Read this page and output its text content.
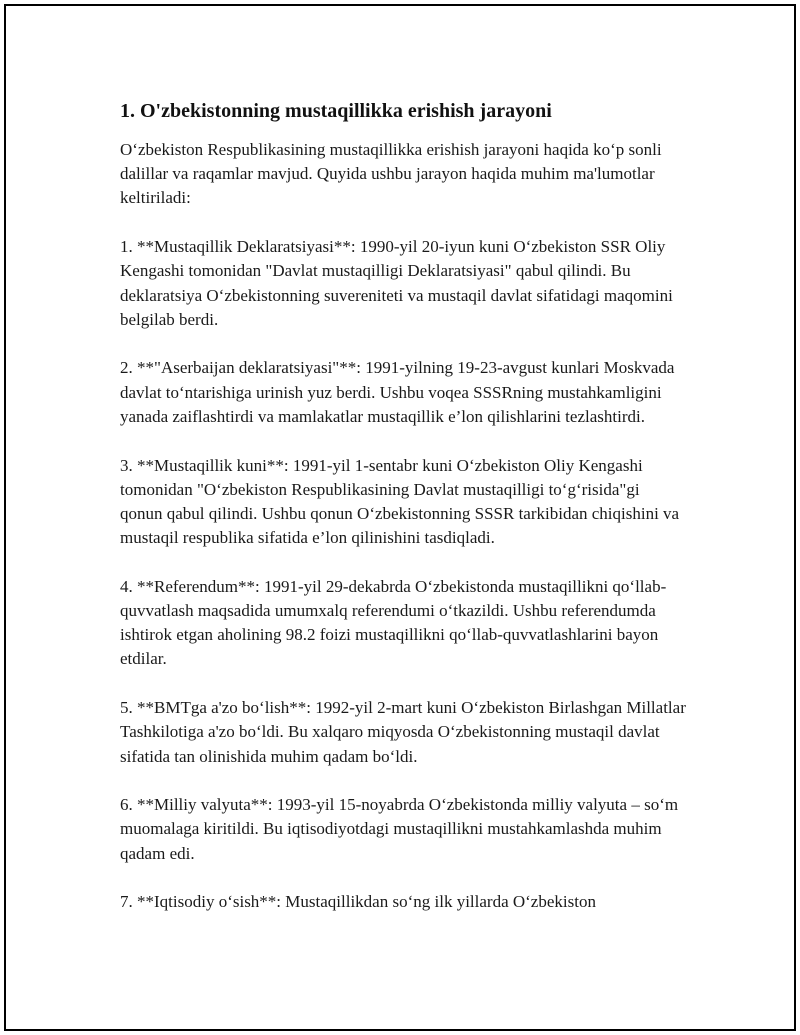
1. O'zbekistonning mustaqillikka erishish jarayoni

O‘zbekiston Respublikasining mustaqillikka erishish jarayoni haqida ko‘p sonli dalillar va raqamlar mavjud. Quyida ushbu jarayon haqida muhim ma'lumotlar keltiriladi:

1. **Mustaqillik Deklaratsiyasi**: 1990-yil 20-iyun kuni O‘zbekiston SSR Oliy Kengashi tomonidan "Davlat mustaqilligi Deklaratsiyasi" qabul qilindi. Bu deklaratsiya O‘zbekistonning suvereniteti va mustaqil davlat sifatidagi maqomini belgilab berdi.

2. **"Aserbaijan deklaratsiyasi"**: 1991-yilning 19-23-avgust kunlari Moskvada davlat to‘ntarishiga urinish yuz berdi. Ushbu voqea SSSRning mustahkamligini yanada zaiflashtirdi va mamlakatlar mustaqillik e’lon qilishlarini tezlashtirdi.

3. **Mustaqillik kuni**: 1991-yil 1-sentabr kuni O‘zbekiston Oliy Kengashi tomonidan "O‘zbekiston Respublikasining Davlat mustaqilligi to‘g‘risida"gi qonun qabul qilindi. Ushbu qonun O‘zbekistonning SSSR tarkibidan chiqishini va mustaqil respublika sifatida e’lon qilinishini tasdiqladi.

4. **Referendum**: 1991-yil 29-dekabrda O‘zbekistonda mustaqillikni qo‘llab-quvvatlash maqsadida umumxalq referendumi o‘tkazildi. Ushbu referendumda ishtirok etgan aholining 98.2 foizi mustaqillikni qo‘llab-quvvatlashlarini bayon etdilar.

5. **BMTga a'zo bo‘lish**: 1992-yil 2-mart kuni O‘zbekiston Birlashgan Millatlar Tashkilotiga a'zo bo‘ldi. Bu xalqaro miqyosda O‘zbekistonning mustaqil davlat sifatida tan olinishida muhim qadam bo‘ldi.

6. **Milliy valyuta**: 1993-yil 15-noyabrda O‘zbekistonda milliy valyuta – so‘m muomalaga kiritildi. Bu iqtisodiyotdagi mustaqillikni mustahkamlashda muhim qadam edi.

7. **Iqtisodiy o‘sish**: Mustaqillikdan so‘ng ilk yillarda O‘zbekiston
